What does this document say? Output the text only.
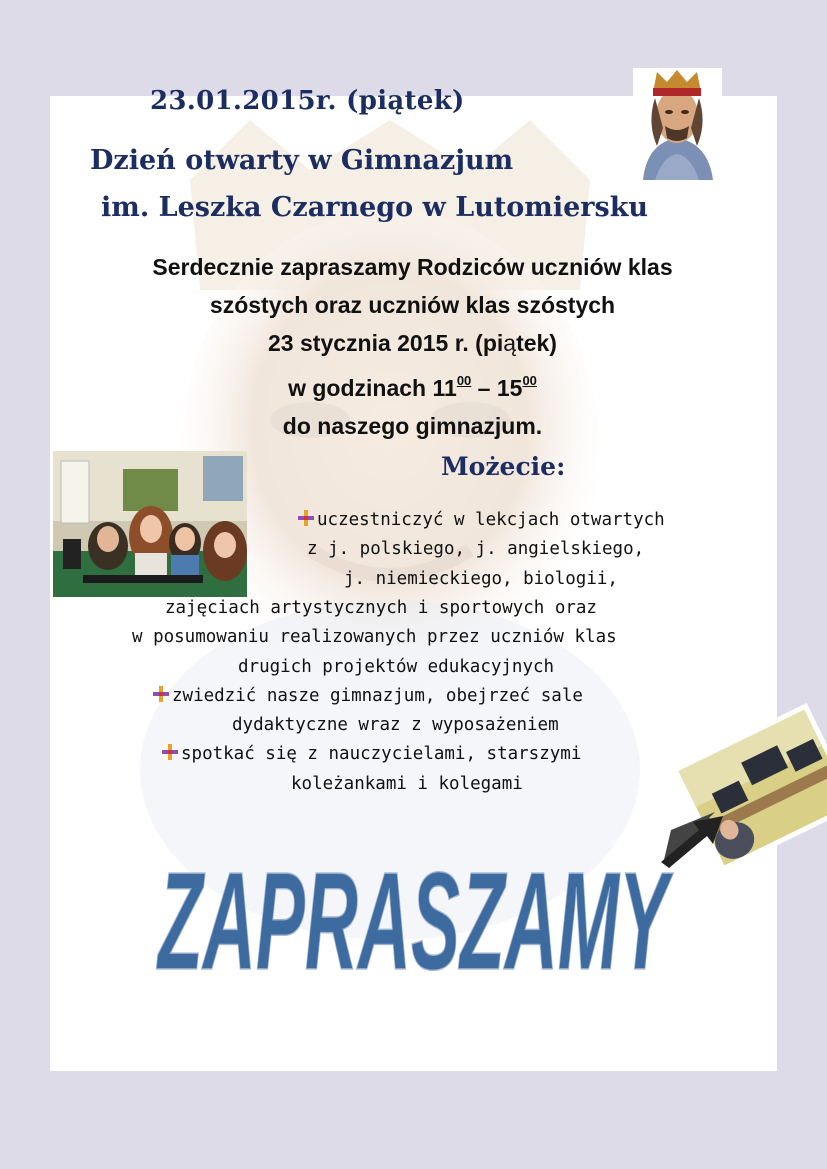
23.01.2015r. (piątek)
Dzień otwarty w Gimnazjum
im. Leszka Czarnego w Lutomiersku
Serdecznie zapraszamy Rodziców uczniów klas
szóstych oraz uczniów klas szóstych
23 stycznia 2015 r. (piątek)
w godzinach $11^{00} - 15^{00}$
do naszego gimnazjum.
Możecie:
uczestniczyć w lekcjach otwartych
z j. polskiego, j. angielskiego,
j. niemieckiego, biologii,
zajęciach artystycznych i sportowych oraz
w posumowaniu realizowanych przez uczniów klas
drugich projektów edukacyjnych
zwiedzić nasze gimnazjum, obejrzeć sale
dydaktyczne wraz z wyposażeniem
spotkać się z nauczycielami, starszymi
koleżankami i kolegami
ZAPRASZAMY
